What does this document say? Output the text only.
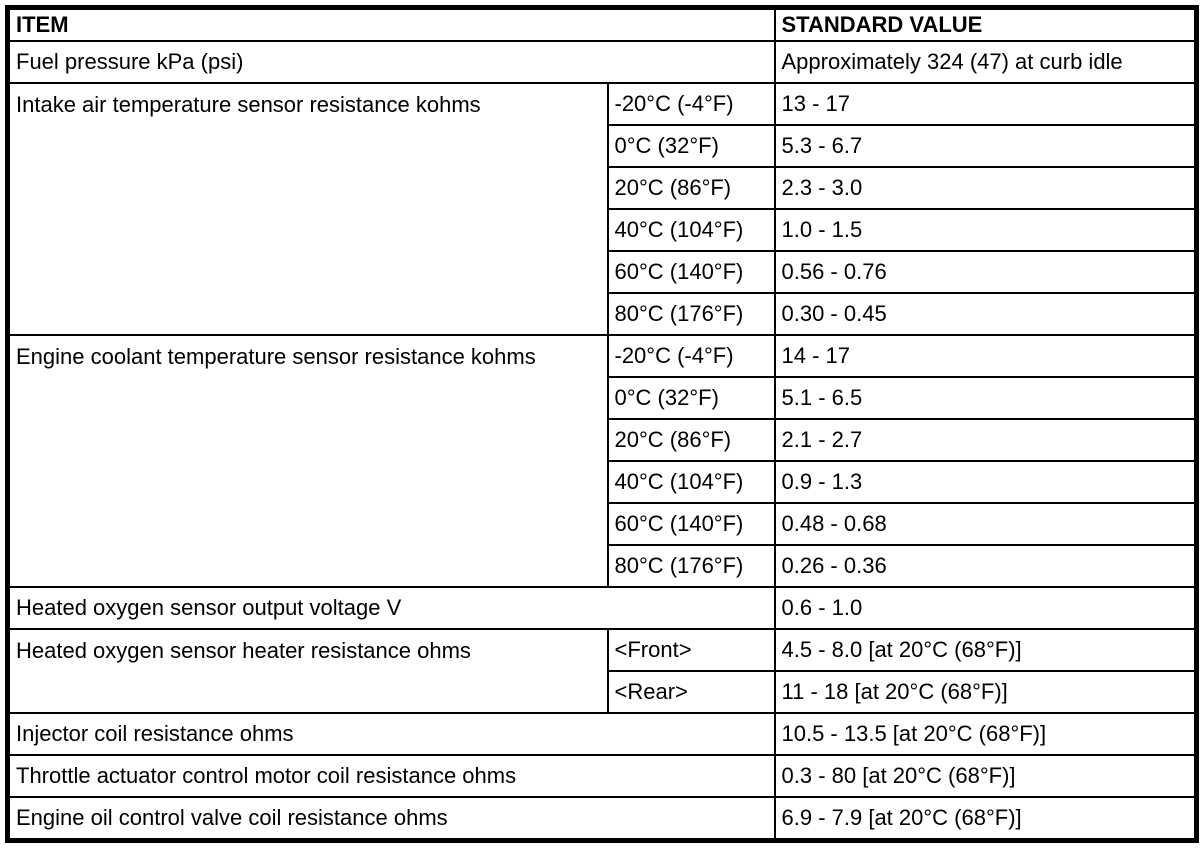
ITEM		STANDARD VALUE
Fuel pressure kPa (psi)		Approximately 324 (47) at curb idle
Intake air temperature sensor resistance kohms	-20°C (-4°F)	13 - 17
	0°C (32°F)	5.3 - 6.7
	20°C (86°F)	2.3 - 3.0
	40°C (104°F)	1.0 - 1.5
	60°C (140°F)	0.56 - 0.76
	80°C (176°F)	0.30 - 0.45
Engine coolant temperature sensor resistance kohms	-20°C (-4°F)	14 - 17
	0°C (32°F)	5.1 - 6.5
	20°C (86°F)	2.1 - 2.7
	40°C (104°F)	0.9 - 1.3
	60°C (140°F)	0.48 - 0.68
	80°C (176°F)	0.26 - 0.36
Heated oxygen sensor output voltage V		0.6 - 1.0
Heated oxygen sensor heater resistance ohms	<Front>	4.5 - 8.0 [at 20°C (68°F)]
	<Rear>	11 - 18 [at 20°C (68°F)]
Injector coil resistance ohms		10.5 - 13.5 [at 20°C (68°F)]
Throttle actuator control motor coil resistance ohms		0.3 - 80 [at 20°C (68°F)]
Engine oil control valve coil resistance ohms		6.9 - 7.9 [at 20°C (68°F)]
